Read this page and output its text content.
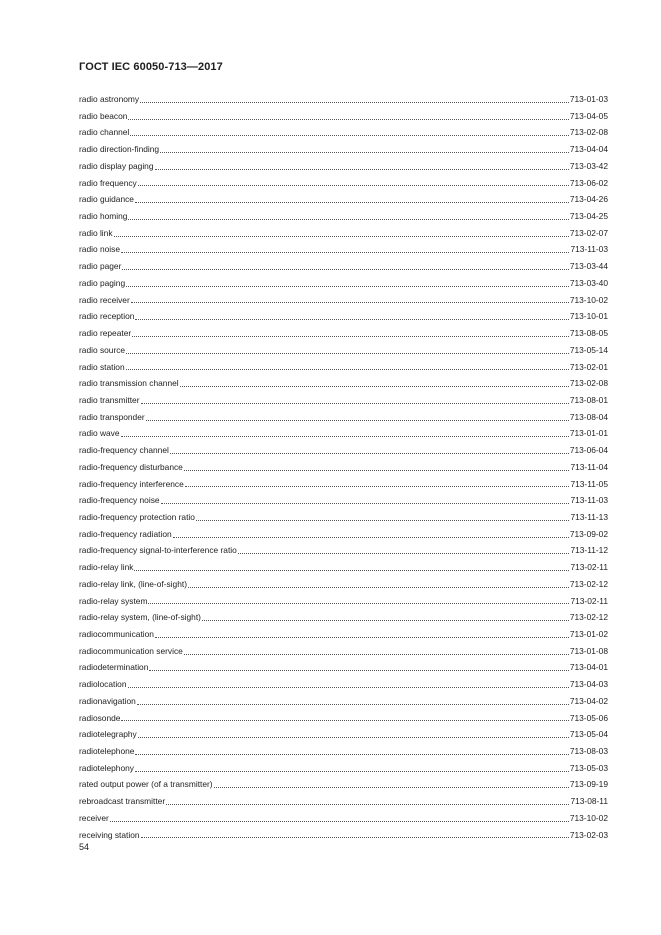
ГОСТ IEC 60050-713—2017
radio astronomy	713-01-03
radio beacon	713-04-05
radio channel	713-02-08
radio direction-finding	713-04-04
radio display paging	713-03-42
radio frequency	713-06-02
radio guidance	713-04-26
radio homing	713-04-25
radio link	713-02-07
radio noise	713-11-03
radio pager	713-03-44
radio paging	713-03-40
radio receiver	713-10-02
radio reception	713-10-01
radio repeater	713-08-05
radio source	713-05-14
radio station	713-02-01
radio transmission channel	713-02-08
radio transmitter	713-08-01
radio transponder	713-08-04
radio wave	713-01-01
radio-frequency channel	713-06-04
radio-frequency disturbance	713-11-04
radio-frequency interference	713-11-05
radio-frequency noise	713-11-03
radio-frequency protection ratio	713-11-13
radio-frequency radiation	713-09-02
radio-frequency signal-to-interference ratio	713-11-12
radio-relay link	713-02-11
radio-relay link, (line-of-sight)	713-02-12
radio-relay system	713-02-11
radio-relay system, (line-of-sight)	713-02-12
radiocommunication	713-01-02
radiocommunication service	713-01-08
radiodetermination	713-04-01
radiolocation	713-04-03
radionavigation	713-04-02
radiosonde	713-05-06
radiotelegraphy	713-05-04
radiotelephone	713-08-03
radiotelephony	713-05-03
rated output power (of a transmitter)	713-09-19
rebroadcast transmitter	713-08-11
receiver	713-10-02
receiving station	713-02-03
54
